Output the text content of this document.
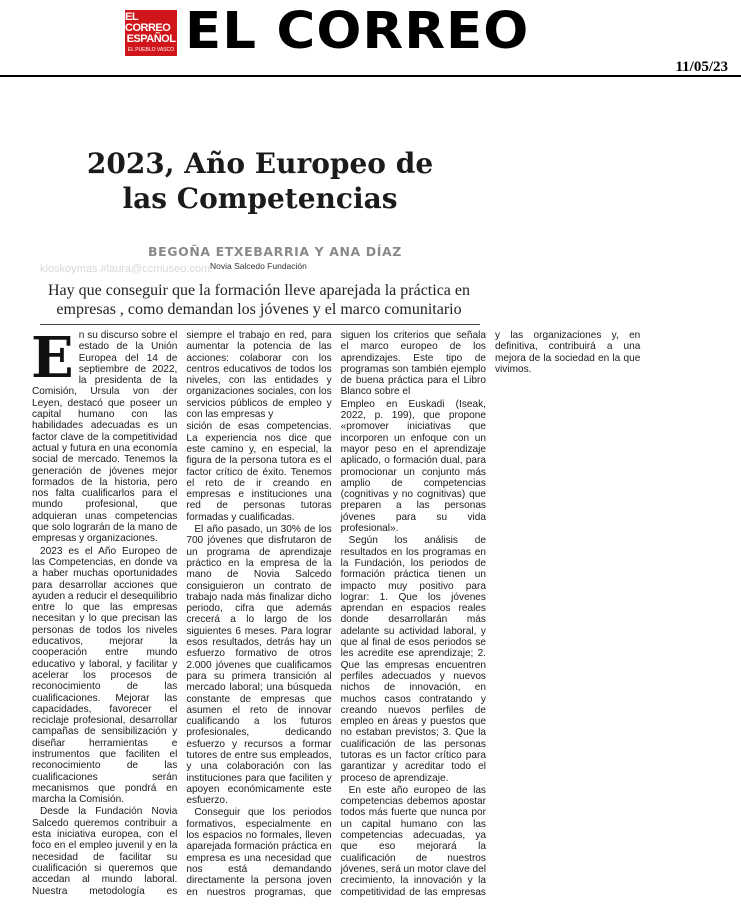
EL CORREO
ESPAÑOL
EL PUEBLO VASCO EL CORREO
11/05/23
2023, Año Europeo de las Competencias
BEGOÑA ETXEBARRIA Y ANA DÍAZ
kioskoymas.#laura@ccmuseo.com Novia Salcedo Fundación
Hay que conseguir que la formación lleve aparejada la práctica en empresas , como demandan los jóvenes y el marco comunitario

En su discurso sobre el estado de la Unión Europea del 14 de septiembre de 2022, la presidenta de la Comisión, Ursula von der Leyen, destacó que poseer un capital humano con las habilidades adecuadas es un factor clave de la competitividad actual y futura en una economía social de mercado. Tenemos la generación de jóvenes mejor formados de la historia, pero nos falta cualificarlos para el mundo profesional, que adquieran unas competencias que solo lograrán de la mano de empresas y organizaciones.

2023 es el Año Europeo de las Competencias, en donde va a haber muchas oportunidades para desarrollar acciones que ayuden a reducir el desequilibrio entre lo que las empresas necesitan y lo que precisan las personas de todos los niveles educativos, mejorar la cooperación entre mundo educativo y laboral, y facilitar y acelerar los procesos de reconocimiento de las cualificaciones. Mejorar las capacidades, favorecer el reciclaje profesional, desarrollar campañas de sensibilización y diseñar herramientas e instrumentos que faciliten el reconocimiento de las cualificaciones serán mecanismos que pondrá en marcha la Comisión.

Desde la Fundación Novia Salcedo queremos contribuir a esta iniciativa europea, con el foco en el empleo juvenil y en la necesidad de facilitar su cualificación si queremos que accedan al mundo laboral. Nuestra metodología es siempre el trabajo en red, para aumentar la potencia de las acciones: colaborar con los centros educativos de todos los niveles, con las entidades y organizaciones sociales, con los servicios públicos de empleo y con las empresas y

sición de esas competencias. La experiencia nos dice que este camino y, en especial, la figura de la persona tutora es el factor crítico de éxito. Tenemos el reto de ir creando en empresas e instituciones una red de personas tutoras formadas y cualificadas.

El año pasado, un 30% de los 700 jóvenes que disfrutaron de un programa de aprendizaje práctico en la empresa de la mano de Novia Salcedo consiguieron un contrato de trabajo nada más finalizar dicho periodo, cifra que además crecerá a lo largo de los siguientes 6 meses. Para lograr esos resultados, detrás hay un esfuerzo formativo de otros 2.000 jóvenes que cualificamos para su primera transición al mercado laboral; una búsqueda constante de empresas que asumen el reto de innovar cualificando a los futuros profesionales, dedicando esfuerzo y recursos a formar tutores de entre sus empleados, y una colaboración con las instituciones para que faciliten y apoyen económicamente este esfuerzo.

Conseguir que los periodos formativos, especialmente en los espacios no formales, lleven aparejada formación práctica en empresa es una necesidad que nos está demandando directamente la persona joven en nuestros programas, que siguen los criterios que señala el marco europeo de los aprendizajes. Este tipo de programas son también ejemplo de buena práctica para el Libro Blanco sobre el

Empleo en Euskadi (Iseak, 2022, p. 199), que propone «promover iniciativas que incorporen un enfoque con un mayor peso en el aprendizaje aplicado, o formación dual, para promocionar un conjunto más amplio de competencias (cognitivas y no cognitivas) que preparen a las personas jóvenes para su vida profesional».

Según los análisis de resultados en los programas en la Fundación, los periodos de formación práctica tienen un impacto muy positivo para lograr: 1. Que los jóvenes aprendan en espacios reales donde desarrollarán más adelante su actividad laboral, y que al final de esos periodos se les acredite ese aprendizaje; 2. Que las empresas encuentren perfiles adecuados y nuevos nichos de innovación, en muchos casos contratando y creando nuevos perfiles de empleo en áreas y puestos que no estaban previstos; 3. Que la cualificación de las personas tutoras es un factor crítico para garantizar y acreditar todo el proceso de aprendizaje.

En este año europeo de las competencias debemos apostar todos más fuerte que nunca por un capital humano con las competencias adecuadas, ya que eso mejorará la cualificación de nuestros jóvenes, será un motor clave del crecimiento, la innovación y la competitividad de las empresas y las organizaciones y, en definitiva, contribuirá a una mejora de la sociedad en la que vivimos.
